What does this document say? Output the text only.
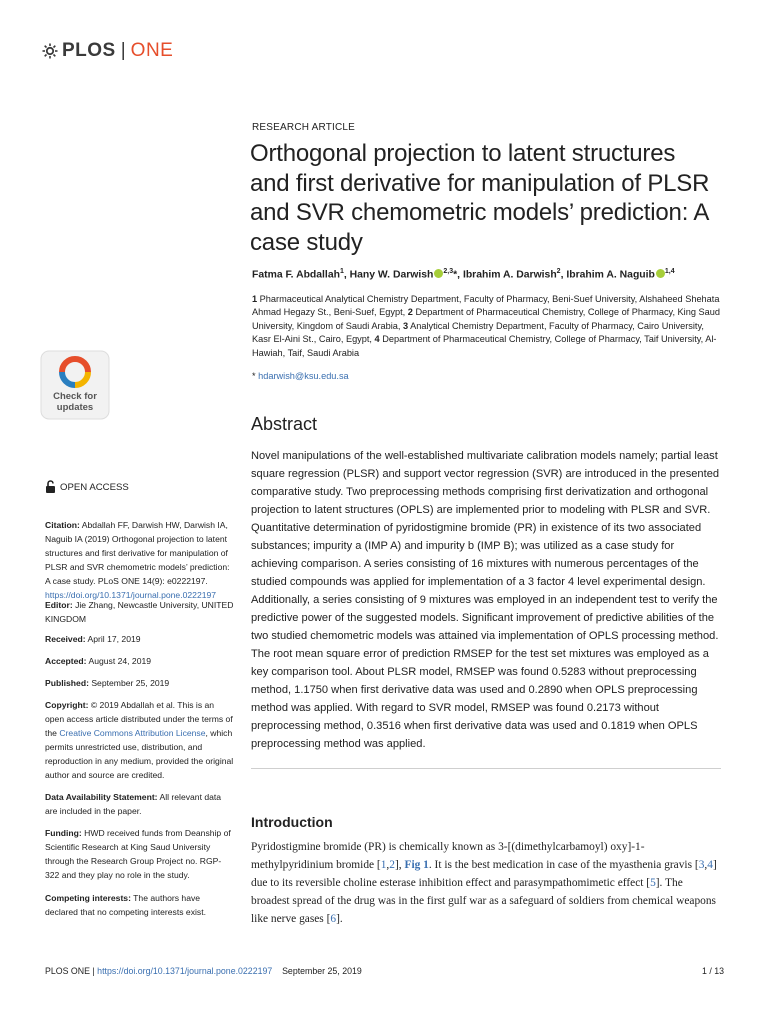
PLOS | ONE
RESEARCH ARTICLE
Orthogonal projection to latent structures and first derivative for manipulation of PLSR and SVR chemometric models’ prediction: A case study
Fatma F. Abdallah$^1$, Hany W. Darwish $^{2,3}$*, Ibrahim A. Darwish$^2$, Ibrahim A. Naguib $^{1,4}$
1 Pharmaceutical Analytical Chemistry Department, Faculty of Pharmacy, Beni-Suef University, Alshaheed Shehata Ahmad Hegazy St., Beni-Suef, Egypt, 2 Department of Pharmaceutical Chemistry, College of Pharmacy, King Saud University, Kingdom of Saudi Arabia, 3 Analytical Chemistry Department, Faculty of Pharmacy, Cairo University, Kasr El-Aini St., Cairo, Egypt, 4 Department of Pharmaceutical Chemistry, College of Pharmacy, Taif University, Al-Hawiah, Taif, Saudi Arabia
* hdarwish@ksu.edu.sa
Abstract
Novel manipulations of the well-established multivariate calibration models namely; partial least square regression (PLSR) and support vector regression (SVR) are introduced in the presented comparative study. Two preprocessing methods comprising first derivatization and orthogonal projection to latent structures (OPLS) are implemented prior to modeling with PLSR and SVR. Quantitative determination of pyridostigmine bromide (PR) in existence of its two associated substances; impurity a (IMP A) and impurity b (IMP B); was utilized as a case study for achieving comparison. A series consisting of 16 mixtures with numerous percentages of the studied compounds was applied for implementation of a 3 factor 4 level experimental design. Additionally, a series consisting of 9 mixtures was employed in an independent test to verify the predictive power of the suggested models. Significant improvement of predictive abilities of the two studied chemometric models was attained via implementation of OPLS processing method. The root mean square error of prediction RMSEP for the test set mixtures was employed as a key comparison tool. About PLSR model, RMSEP was found 0.5283 without preprocessing method, 1.1750 when first derivative data was used and 0.2890 when OPLS preprocessing method was applied. With regard to SVR model, RMSEP was found 0.2173 without preprocessing method, 0.3516 when first derivative data was used and 0.1819 when OPLS preprocessing method was applied.
Introduction
Pyridostigmine bromide (PR) is chemically known as 3-[(dimethylcarbamoyl) oxy]-1- methylpyridinium bromide [1,2], Fig 1. It is the best medication in case of the myasthenia gravis [3,4] due to its reversible choline esterase inhibition effect and parasympathomimetic effect [5]. The broadest spread of the drug was in the first gulf war as a safeguard of soldiers from chemical weapons like nerve gases [6].
Check for
updates
OPEN ACCESS
Citation: Abdallah FF, Darwish HW, Darwish IA, Naguib IA (2019) Orthogonal projection to latent structures and first derivative for manipulation of PLSR and SVR chemometric models’ prediction: A case study. PLoS ONE 14(9): e0222197. https://doi.org/10.1371/journal.pone.0222197
Editor: Jie Zhang, Newcastle University, UNITED KINGDOM
Received: April 17, 2019
Accepted: August 24, 2019
Published: September 25, 2019
Copyright: © 2019 Abdallah et al. This is an open access article distributed under the terms of the Creative Commons Attribution License, which permits unrestricted use, distribution, and reproduction in any medium, provided the original author and source are credited.
Data Availability Statement: All relevant data are included in the paper.
Funding: HWD received funds from Deanship of Scientific Research at King Saud University through the Research Group Project no. RGP-322 and they play no role in the study.
Competing interests: The authors have declared that no competing interests exist.
PLOS ONE | https://doi.org/10.1371/journal.pone.0222197 September 25, 2019	1 / 13
